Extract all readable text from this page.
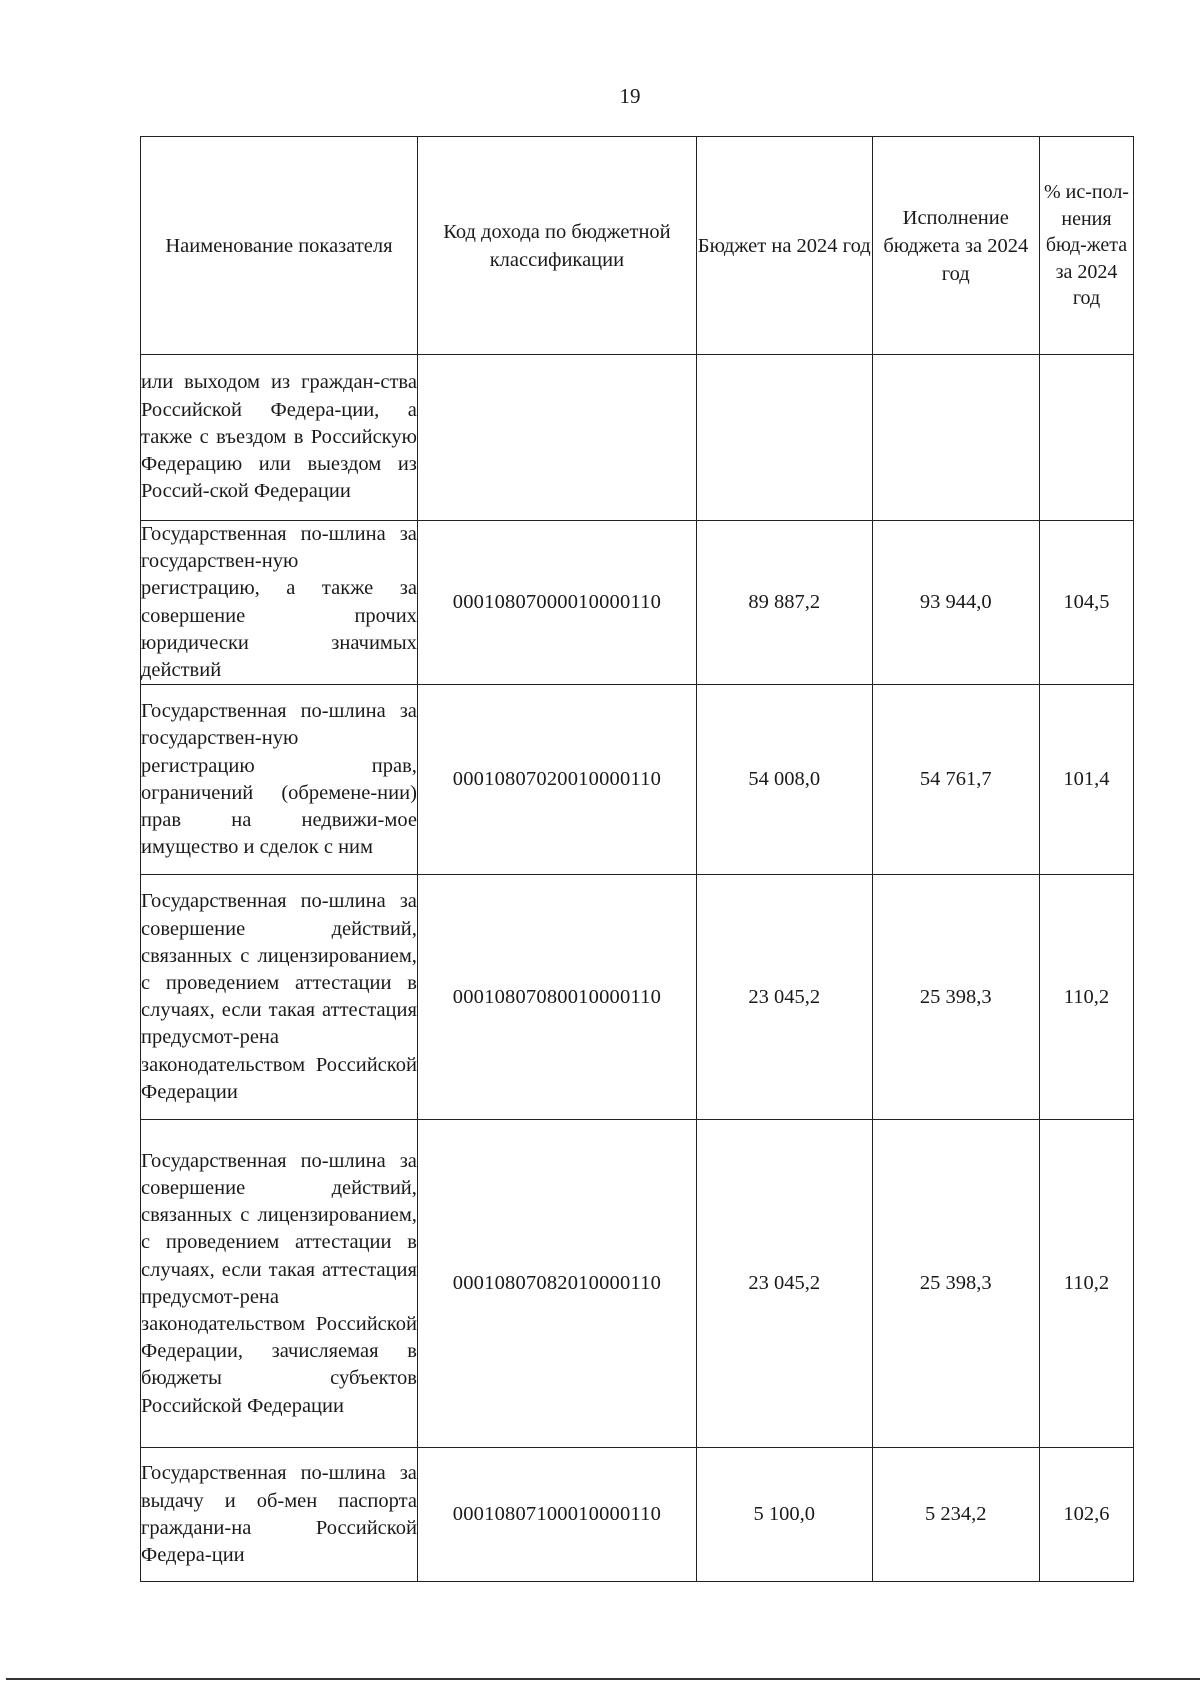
19
Наименование показателя	Код дохода по бюджетной классификации	Бюджет на 2024 год	Исполнение бюджета за 2024 год	% ис-пол-нения бюд-жета за 2024 год
или выходом из граждан-ства Российской Федера-ции, а также с въездом в Российскую Федерацию или выездом из Россий-ской Федерации				
Государственная по-шлина за государствен-ную регистрацию, а также за совершение прочих юридически значимых действий	00010807000010000110	89 887,2	93 944,0	104,5
Государственная по-шлина за государствен-ную регистрацию прав, ограничений (обремене-нии) прав на недвижи-мое имущество и сделок с ним	00010807020010000110	54 008,0	54 761,7	101,4
Государственная по-шлина за совершение действий, связанных с лицензированием, с проведением аттестации в случаях, если такая аттестация предусмот-рена законодательством Российской Федерации	00010807080010000110	23 045,2	25 398,3	110,2
Государственная по-шлина за совершение действий, связанных с лицензированием, с проведением аттестации в случаях, если такая аттестация предусмот-рена законодательством Российской Федерации, зачисляемая в бюджеты субъектов Российской Федерации	00010807082010000110	23 045,2	25 398,3	110,2
Государственная по-шлина за выдачу и об-мен паспорта граждани-на Российской Федера-ции	00010807100010000110	5 100,0	5 234,2	102,6
